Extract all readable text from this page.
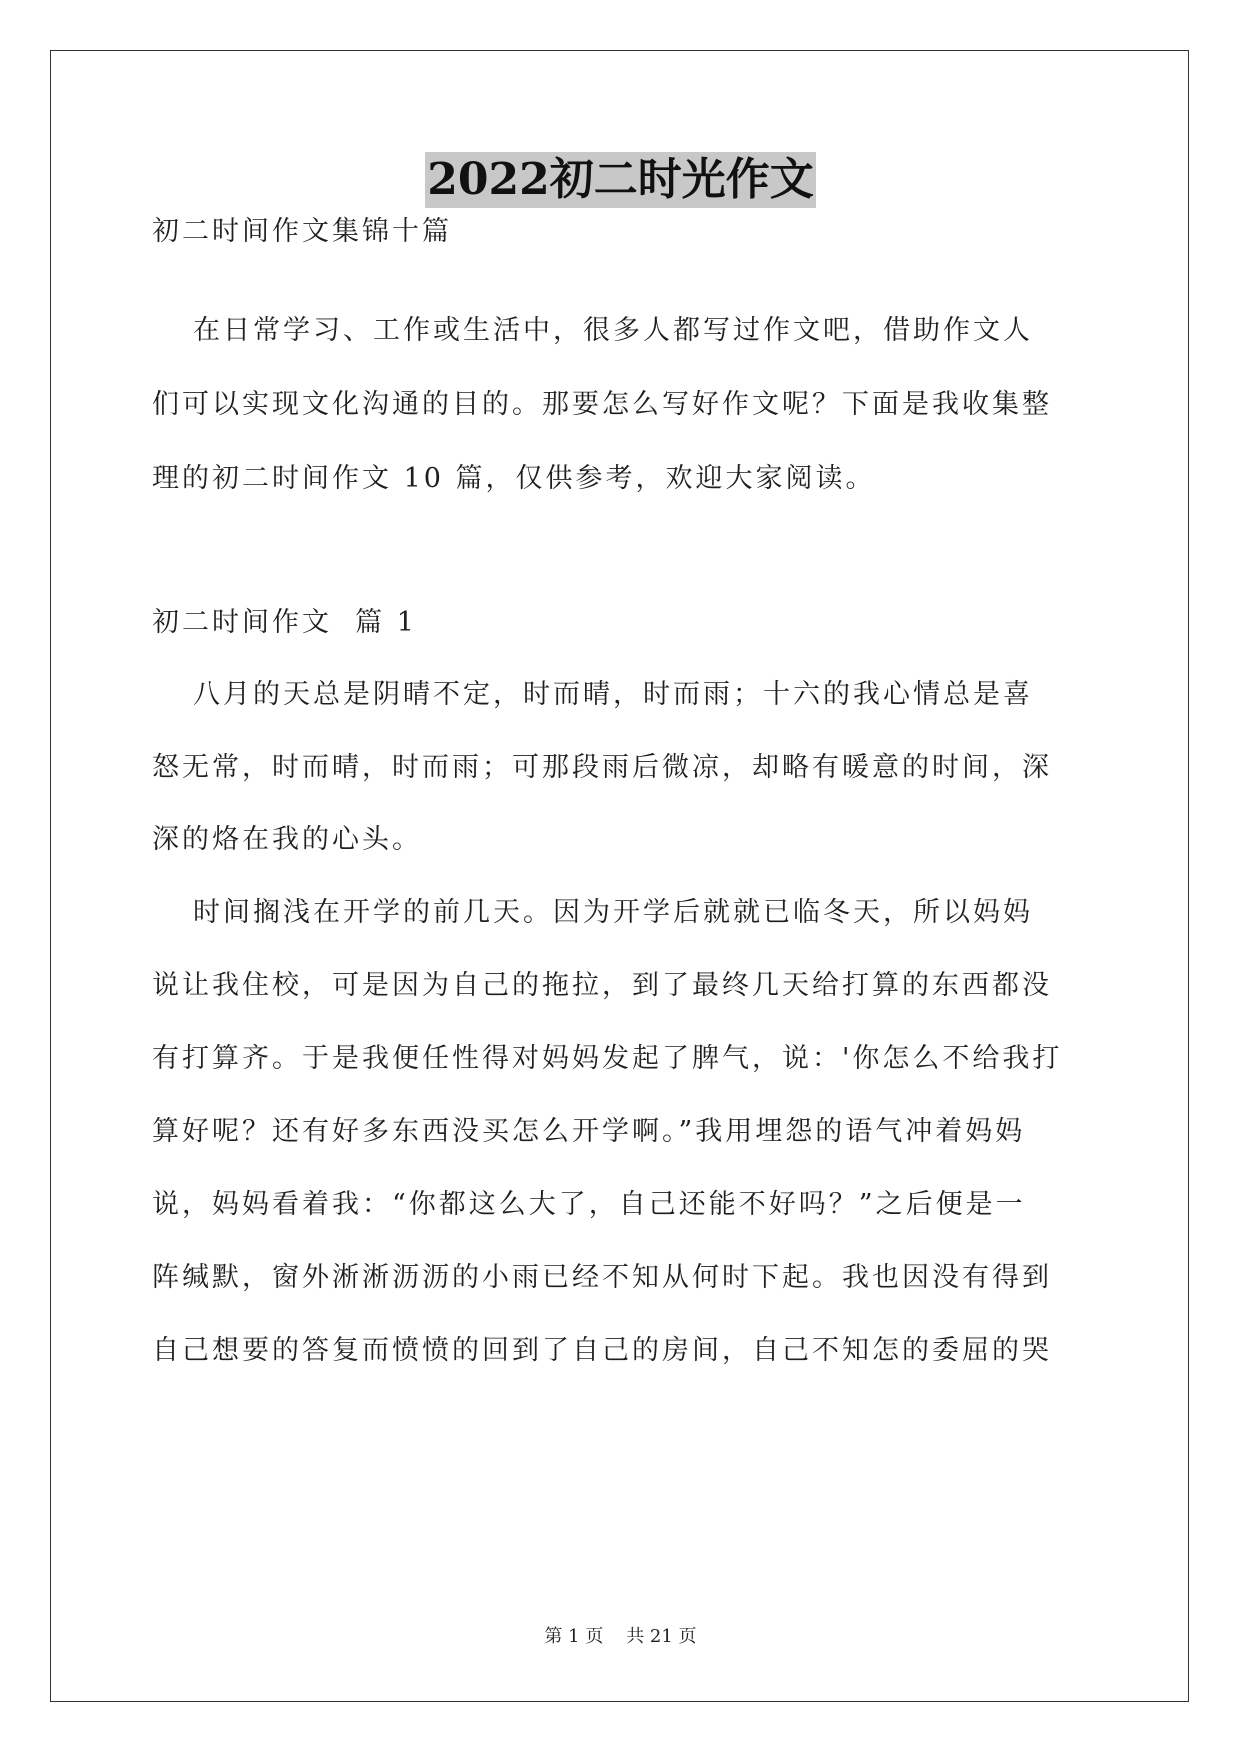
2022初二时光作文

初二时间作文集锦十篇

在日常学习、工作或生活中，很多人都写过作文吧，借助作文人

们可以实现文化沟通的目的。那要怎么写好作文呢？下面是我收集整

理的初二时间作文 10 篇，仅供参考，欢迎大家阅读。

初二时间作文  篇 1

八月的天总是阴晴不定，时而晴，时而雨；十六的我心情总是喜

怒无常，时而晴，时而雨；可那段雨后微凉，却略有暖意的时间，深

深的烙在我的心头。

时间搁浅在开学的前几天。因为开学后就就已临冬天，所以妈妈

说让我住校，可是因为自己的拖拉，到了最终几天给打算的东西都没

有打算齐。于是我便任性得对妈妈发起了脾气，说：'你怎么不给我打

算好呢？还有好多东西没买怎么开学啊。”我用埋怨的语气冲着妈妈

说，妈妈看着我：“你都这么大了，自己还能不好吗？”之后便是一

阵缄默，窗外淅淅沥沥的小雨已经不知从何时下起。我也因没有得到

自己想要的答复而愤愤的回到了自己的房间，自己不知怎的委屈的哭

第 1 页    共 21 页
